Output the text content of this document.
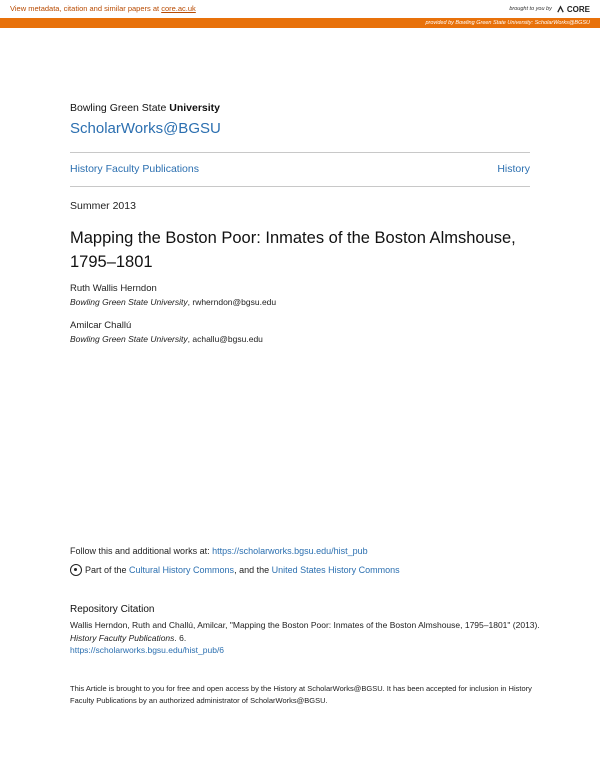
View metadata, citation and similar papers at core.ac.uk	brought to you by CORE
provided by Bowling Green State University: ScholarWorks@BGSU
Bowling Green State University
ScholarWorks@BGSU
History Faculty Publications	History
Summer 2013
Mapping the Boston Poor: Inmates of the Boston Almshouse, 1795–1801
Ruth Wallis Herndon
Bowling Green State University, rwherndon@bgsu.edu
Amilcar Challú
Bowling Green State University, achallu@bgsu.edu
Follow this and additional works at: https://scholarworks.bgsu.edu/hist_pub
Part of the Cultural History Commons, and the United States History Commons
Repository Citation
Wallis Herndon, Ruth and Challú, Amilcar, "Mapping the Boston Poor: Inmates of the Boston Almshouse, 1795–1801" (2013). History Faculty Publications. 6.
https://scholarworks.bgsu.edu/hist_pub/6
This Article is brought to you for free and open access by the History at ScholarWorks@BGSU. It has been accepted for inclusion in History Faculty Publications by an authorized administrator of ScholarWorks@BGSU.
